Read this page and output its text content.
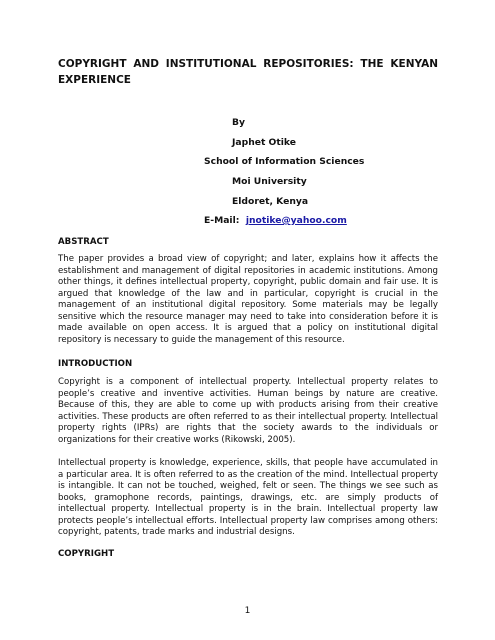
COPYRIGHT AND INSTITUTIONAL REPOSITORIES: THE KENYAN EXPERIENCE
By
Japhet Otike
School of Information Sciences
Moi University
Eldoret, Kenya
E-Mail: jnotike@yahoo.com
ABSTRACT
The paper provides a broad view of copyright; and later, explains how it affects the establishment and management of digital repositories in academic institutions. Among other things, it defines intellectual property, copyright, public domain and fair use. It is argued that knowledge of the law and in particular, copyright is crucial in the management of an institutional digital repository. Some materials may be legally sensitive which the resource manager may need to take into consideration before it is made available on open access. It is argued that a policy on institutional digital repository is necessary to guide the management of this resource.
INTRODUCTION
Copyright is a component of intellectual property. Intellectual property relates to people’s creative and inventive activities. Human beings by nature are creative. Because of this, they are able to come up with products arising from their creative activities. These products are often referred to as their intellectual property. Intellectual property rights (IPRs) are rights that the society awards to the individuals or organizations for their creative works (Rikowski, 2005).
Intellectual property is knowledge, experience, skills, that people have accumulated in a particular area. It is often referred to as the creation of the mind. Intellectual property is intangible. It can not be touched, weighed, felt or seen. The things we see such as books, gramophone records, paintings, drawings, etc. are simply products of intellectual property. Intellectual property is in the brain. Intellectual property law protects people’s intellectual efforts. Intellectual property law comprises among others: copyright, patents, trade marks and industrial designs.
COPYRIGHT
1
